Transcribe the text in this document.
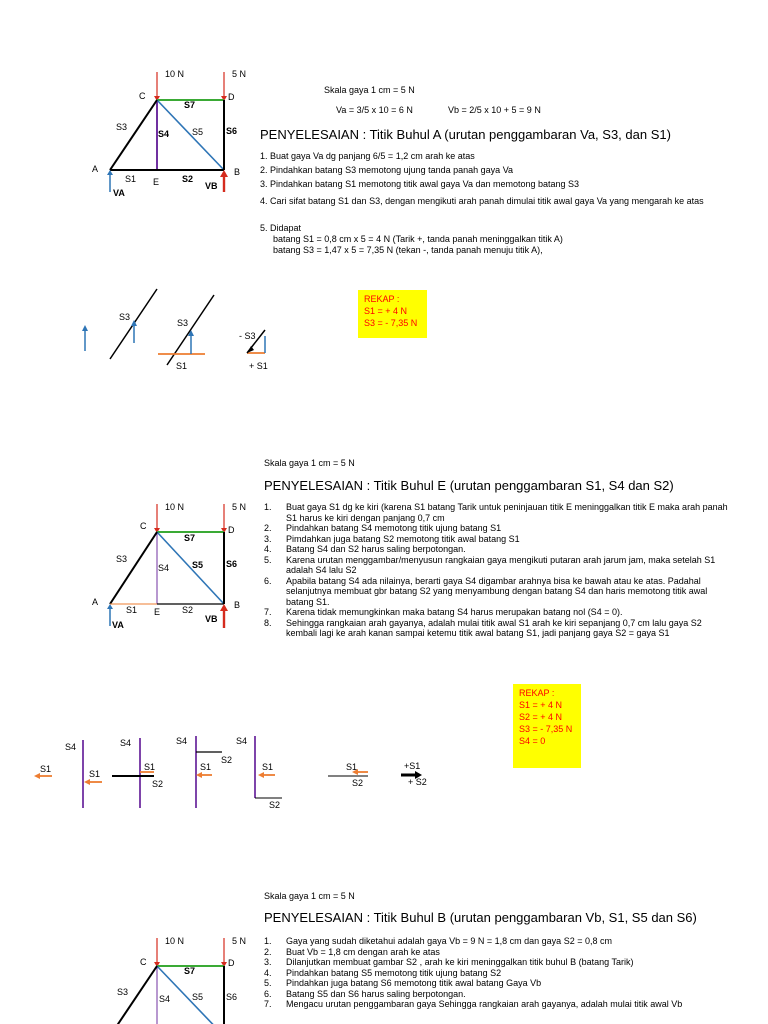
10 N	5 N
C	D
A	B
E
S7
S3
S4	S5	S6
S1	S2
VA
VB
Skala gaya 1 cm = 5 N
Va = 3/5 x 10 = 6 N	Vb = 2/5 x 10 + 5 = 9 N
PENYELESAIAN : Titik Buhul A (urutan penggambaran Va, S3, dan S1)
1. Buat gaya Va dg panjang 6/5 = 1,2 cm arah ke atas
2. Pindahkan batang S3 memotong ujung tanda panah gaya Va
3. Pindahkan batang S1 memotong titik awal gaya Va dan memotong batang S3
4. Cari sifat batang S1 dan S3, dengan mengikuti arah panah dimulai titik awal gaya Va yang mengarah ke atas
5. Didapat
batang S1 = 0,8 cm x 5 = 4 N (Tarik +, tanda panah meninggalkan titik A)
batang S3 = 1,47 x 5 = 7,35 N (tekan -, tanda panah menuju titik A),
S3
S3
S1
- S3
+ S1
REKAP :
S1 = + 4 N
S3 = - 7,35 N
Skala gaya 1 cm = 5 N
PENYELESAIAN : Titik Buhul E (urutan penggambaran S1, S4 dan S2)
10 N	5 N
C	D
A	B
E
S7
S3
S4	S5	S6
S1	S2
VA
VB
1. Buat gaya S1 dg ke kiri (karena S1 batang Tarik untuk peninjauan titik E meninggalkan titik E maka arah panah S1 harus ke kiri dengan panjang 0,7 cm
2. Pindahkan batang S4 memotong titik ujung batang S1
3. Pimdahkan juga batang S2 memotong titik awal batang S1
4. Batang S4 dan S2 harus saling berpotongan.
5. Karena urutan menggambar/menyusun rangkaian gaya mengikuti putaran arah jarum jam, maka setelah S1 adalah S4 lalu S2
6. Apabila batang S4 ada nilainya, berarti gaya S4 digambar arahnya bisa ke bawah atau ke atas. Padahal selanjutnya membuat gbr batang S2 yang menyambung dengan batang S4 dan haris memotong titik awal batang S1.
7. Karena tidak memungkinkan maka batang S4 harus merupakan batang nol (S4 = 0).
8. Sehingga rangkaian arah gayanya, adalah mulai titik awal S1 arah ke kiri sepanjang 0,7 cm lalu gaya S2 kembali lagi ke arah kanan sampai ketemu titik awal batang S1, jadi panjang gaya S2 = gaya S1
REKAP :
S1 = + 4 N
S2 = + 4 N
S3 = - 7,35 N
S4 = 0
S1
S4
S1
S4
S1
S2
S4
S2
S1
S4
S1
S2
S1
S2
+S1
+ S2
Skala gaya 1 cm = 5 N
PENYELESAIAN : Titik Buhul B (urutan penggambaran Vb, S1, S5 dan S6)
10 N	5 N
C	D
S7
S3
S4 S5	S6
1. Gaya yang sudah diketahui adalah gaya Vb = 9 N = 1,8 cm dan gaya S2 = 0,8 cm
2. Buat Vb = 1,8 cm dengan arah ke atas
3. Dilanjutkan membuat gambar S2 , arah ke kiri meninggalkan titik buhul B (batang Tarik)
4. Pindahkan batang S5 memotong titik ujung batang S2
5. Pindahkan juga batang S6 memotong titik awal batang Gaya Vb
6. Batang S5 dan S6 harus saling berpotongan.
7. Mengacu urutan penggambaran gaya Sehingga rangkaian arah gayanya, adalah mulai titik awal Vb
